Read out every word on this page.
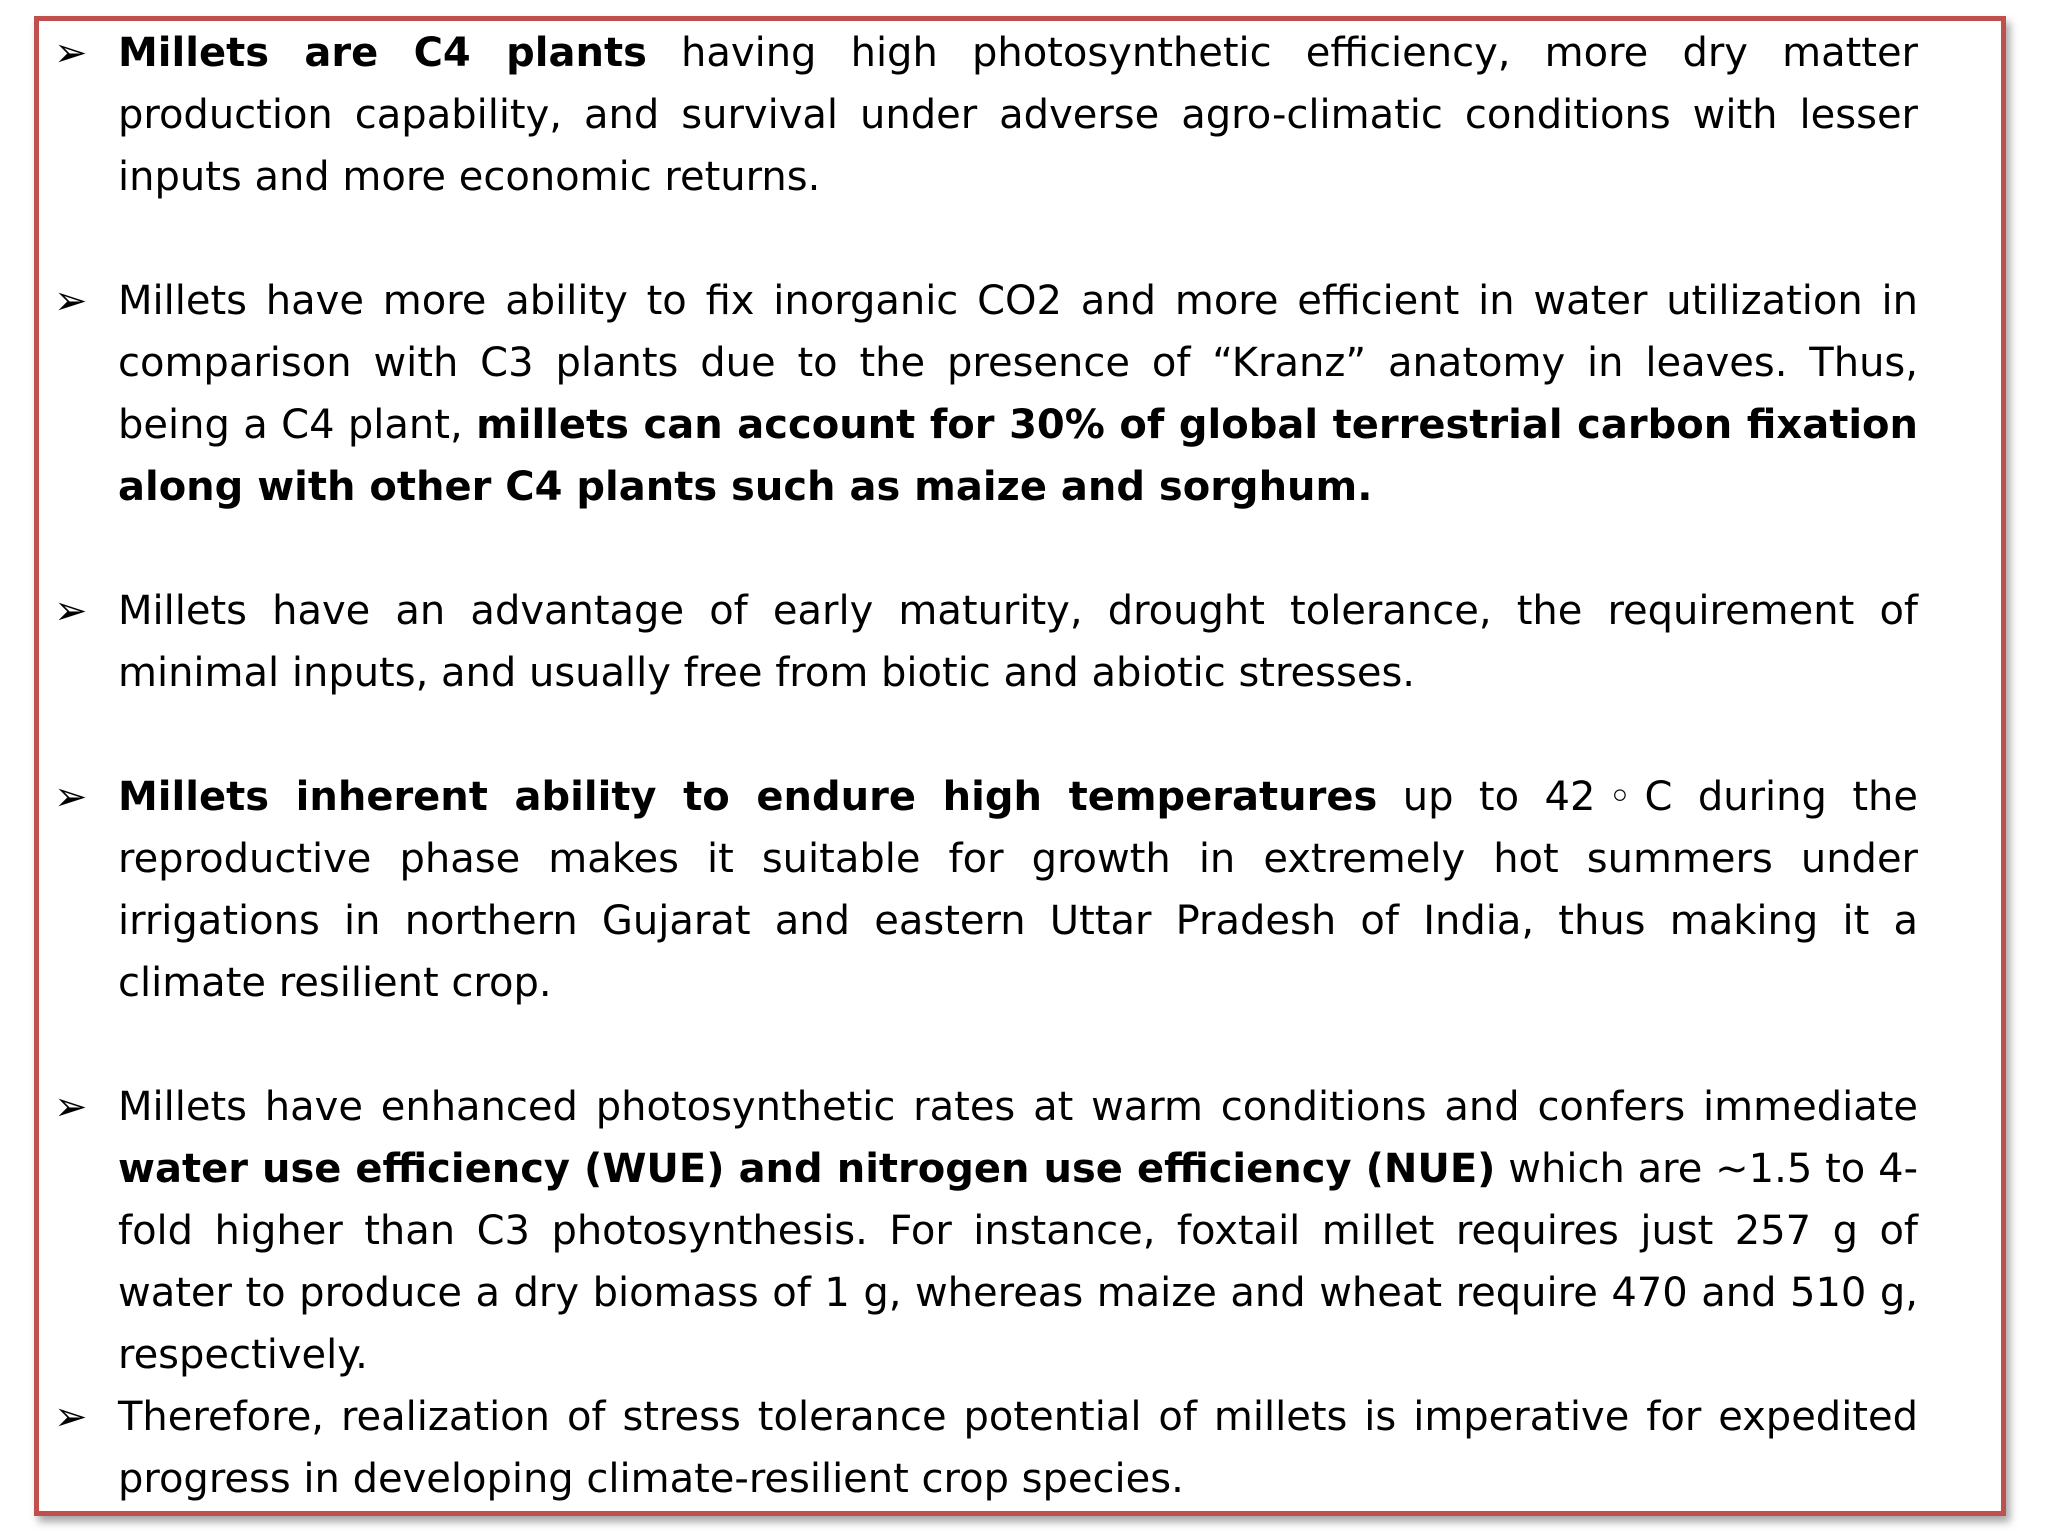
➢ Millets are C4 plants having high photosynthetic efficiency, more dry matter production capability, and survival under adverse agro-climatic conditions with lesser inputs and more economic returns.

➢ Millets have more ability to fix inorganic CO2 and more efficient in water utilization in comparison with C3 plants due to the presence of “Kranz” anatomy in leaves. Thus, being a C4 plant, millets can account for 30% of global terrestrial carbon fixation along with other C4 plants such as maize and sorghum.

➢ Millets have an advantage of early maturity, drought tolerance, the requirement of minimal inputs, and usually free from biotic and abiotic stresses.

➢ Millets inherent ability to endure high temperatures up to 42◦C during the reproductive phase makes it suitable for growth in extremely hot summers under irrigations in northern Gujarat and eastern Uttar Pradesh of India, thus making it a climate resilient crop.

➢ Millets have enhanced photosynthetic rates at warm conditions and confers immediate water use efficiency (WUE) and nitrogen use efficiency (NUE) which are ∼1.5 to 4- fold higher than C3 photosynthesis. For instance, foxtail millet requires just 257 g of water to produce a dry biomass of 1 g, whereas maize and wheat require 470 and 510 g, respectively.

➢ Therefore, realization of stress tolerance potential of millets is imperative for expedited progress in developing climate-resilient crop species.
